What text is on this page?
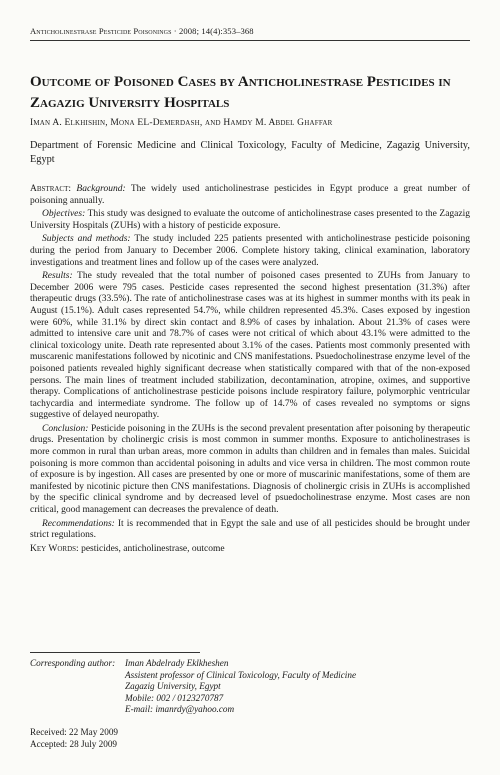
Anticholinestrase Pesticide Poisonings · 2008; 14(4):353–368
Outcome of Poisoned Cases by Anticholinestrase Pesticides in Zagazig University Hospitals
Iman A. Elkhishin, Mona EL-Demerdash, and Hamdy M. Abdel Ghaffar
Department of Forensic Medicine and Clinical Toxicology, Faculty of Medicine, Zagazig University, Egypt

Abstract: Background: The widely used anticholinestrase pesticides in Egypt produce a great number of poisoning annually.

Objectives: This study was designed to evaluate the outcome of anticholinestrase cases presented to the Zagazig University Hospitals (ZUHs) with a history of pesticide exposure.

Subjects and methods: The study included 225 patients presented with anticholinestrase pesticide poisoning during the period from January to December 2006. Complete history taking, clinical examination, laboratory investigations and treatment lines and follow up of the cases were analyzed.

Results: The study revealed that the total number of poisoned cases presented to ZUHs from January to December 2006 were 795 cases. Pesticide cases represented the second highest presentation (31.3%) after therapeutic drugs (33.5%). The rate of anticholinestrase cases was at its highest in summer months with its peak in August (15.1%). Adult cases represented 54.7%, while children represented 45.3%. Cases exposed by ingestion were 60%, while 31.1% by direct skin contact and 8.9% of cases by inhalation. About 21.3% of cases were admitted to intensive care unit and 78.7% of cases were not critical of which about 43.1% were admitted to the clinical toxicology unite. Death rate represented about 3.1% of the cases. Patients most commonly presented with muscarenic manifestations followed by nicotinic and CNS manifestations. Psuedocholinestrase enzyme level of the poisoned patients revealed highly significant decrease when statistically compared with that of the non-exposed persons. The main lines of treatment included stabilization, decontamination, atropine, oximes, and supportive therapy. Complications of anticholinestrase pesticide poisons include respiratory failure, polymorphic ventricular tachycardia and intermediate syndrome. The follow up of 14.7% of cases revealed no symptoms or signs suggestive of delayed neuropathy.

Conclusion: Pesticide poisoning in the ZUHs is the second prevalent presentation after poisoning by therapeutic drugs. Presentation by cholinergic crisis is most common in summer months. Exposure to anticholinestrases is more common in rural than urban areas, more common in adults than children and in females than males. Suicidal poisoning is more common than accidental poisoning in adults and vice versa in children. The most common route of exposure is by ingestion. All cases are presented by one or more of muscarinic manifestations, some of them are manifested by nicotinic picture then CNS manifestations. Diagnosis of cholinergic crisis in ZUHs is accomplished by the specific clinical syndrome and by decreased level of psuedocholinestrase enzyme. Most cases are non critical, good management can decreases the prevalence of death.

Recommendations: It is recommended that in Egypt the sale and use of all pesticides should be brought under strict regulations.

Key Words: pesticides, anticholinestrase, outcome

Corresponding author: Iman Abdelrady Eklkheshen
Assistent professor of Clinical Toxicology, Faculty of Medicine
Zagazig University, Egypt
Mobile: 002 / 0123270787
E-mail: imanrdy@yahoo.com
Received: 22 May 2009
Accepted: 28 July 2009
